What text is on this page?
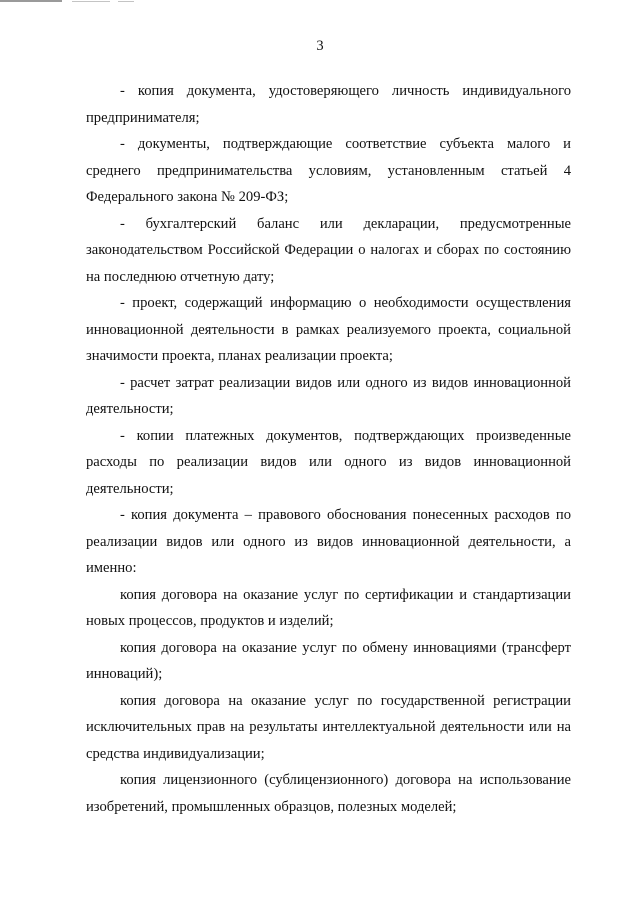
3

- копия документа, удостоверяющего личность индивидуального предпринимателя;

- документы, подтверждающие соответствие субъекта малого и среднего предпринимательства условиям, установленным статьей 4 Федерального закона № 209-ФЗ;

- бухгалтерский баланс или декларации, предусмотренные законодательством Российской Федерации о налогах и сборах по состоянию на последнюю отчетную дату;

- проект, содержащий информацию о необходимости осуществления инновационной деятельности в рамках реализуемого проекта, социальной значимости проекта, планах реализации проекта;

- расчет затрат реализации видов или одного из видов инновационной деятельности;

- копии платежных документов, подтверждающих произведенные расходы по реализации видов или одного из видов инновационной деятельности;

- копия документа – правового обоснования понесенных расходов по реализации видов или одного из видов инновационной деятельности, а именно:

копия договора на оказание услуг по сертификации и стандартизации новых процессов, продуктов и изделий;

копия договора на оказание услуг по обмену инновациями (трансферт инноваций);

копия договора на оказание услуг по государственной регистрации исключительных прав на результаты интеллектуальной деятельности или на средства индивидуализации;

копия лицензионного (сублицензионного) договора на использование изобретений, промышленных образцов, полезных моделей;
